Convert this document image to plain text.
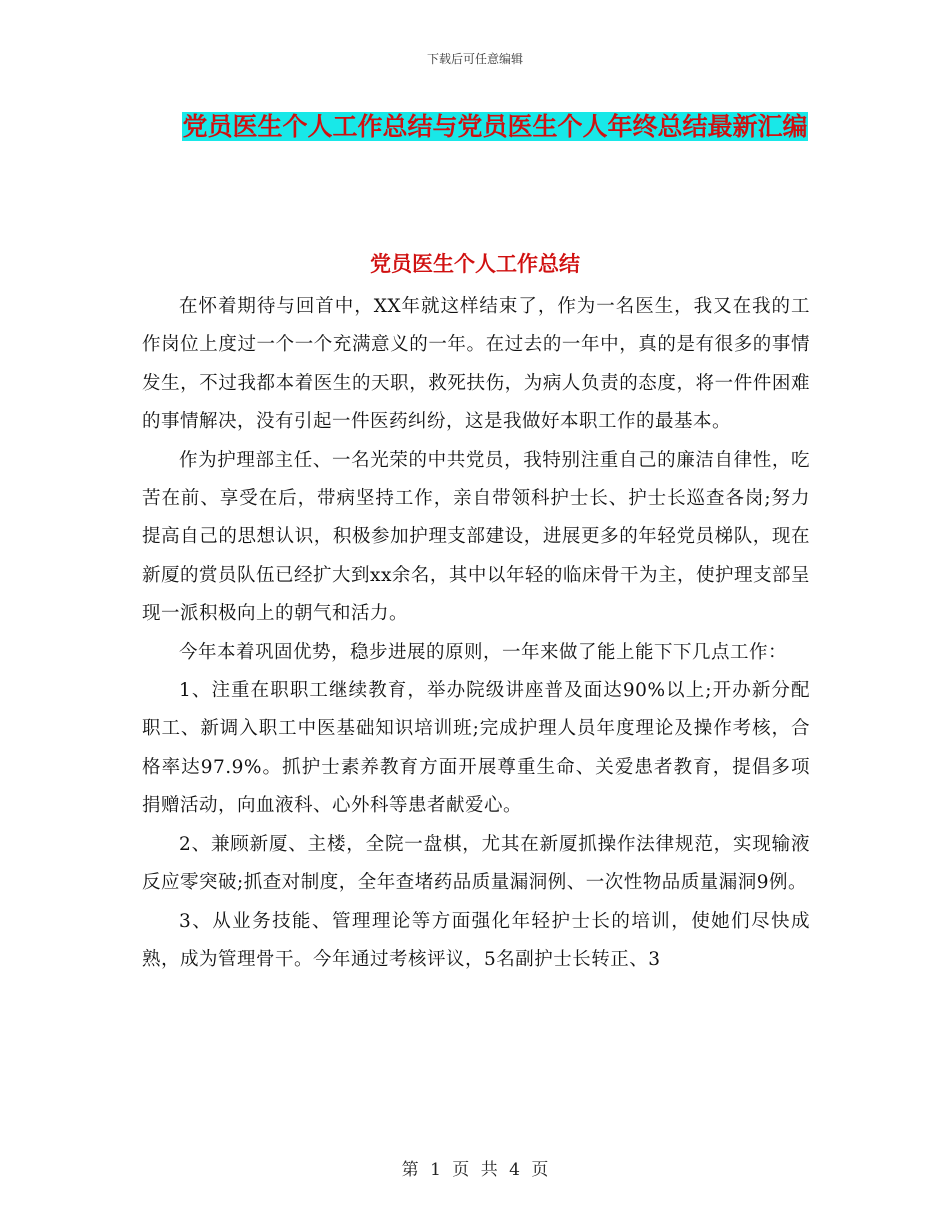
下载后可任意编辑
党员医生个人工作总结与党员医生个人年终总结最新汇编
党员医生个人工作总结

在怀着期待与回首中，XX年就这样结束了，作为一名医生，我又在我的工作岗位上度过一个一个充满意义的一年。在过去的一年中，真的是有很多的事情发生，不过我都本着医生的天职，救死扶伤，为病人负责的态度，将一件件困难的事情解决，没有引起一件医药纠纷，这是我做好本职工作的最基本。

作为护理部主任、一名光荣的中共党员，我特别注重自己的廉洁自律性，吃苦在前、享受在后，带病坚持工作，亲自带领科护士长、护士长巡查各岗;努力提高自己的思想认识，积极参加护理支部建设，进展更多的年轻党员梯队，现在新厦的赏员队伍已经扩大到xx余名，其中以年轻的临床骨干为主，使护理支部呈现一派积极向上的朝气和活力。

今年本着巩固优势，稳步进展的原则，一年来做了能上能下下几点工作：

1、注重在职职工继续教育，举办院级讲座普及面达90%以上;开办新分配职工、新调入职工中医基础知识培训班;完成护理人员年度理论及操作考核，合格率达97.9%。抓护士素养教育方面开展尊重生命、关爱患者教育，提倡多项捐赠活动，向血液科、心外科等患者献爱心。

2、兼顾新厦、主楼，全院一盘棋，尤其在新厦抓操作法律规范，实现输液反应零突破;抓查对制度，全年查堵药品质量漏洞例、一次性物品质量漏洞9例。

3、从业务技能、管理理论等方面强化年轻护士长的培训，使她们尽快成熟，成为管理骨干。今年通过考核评议，5名副护士长转正、3

第 1 页 共 4 页
